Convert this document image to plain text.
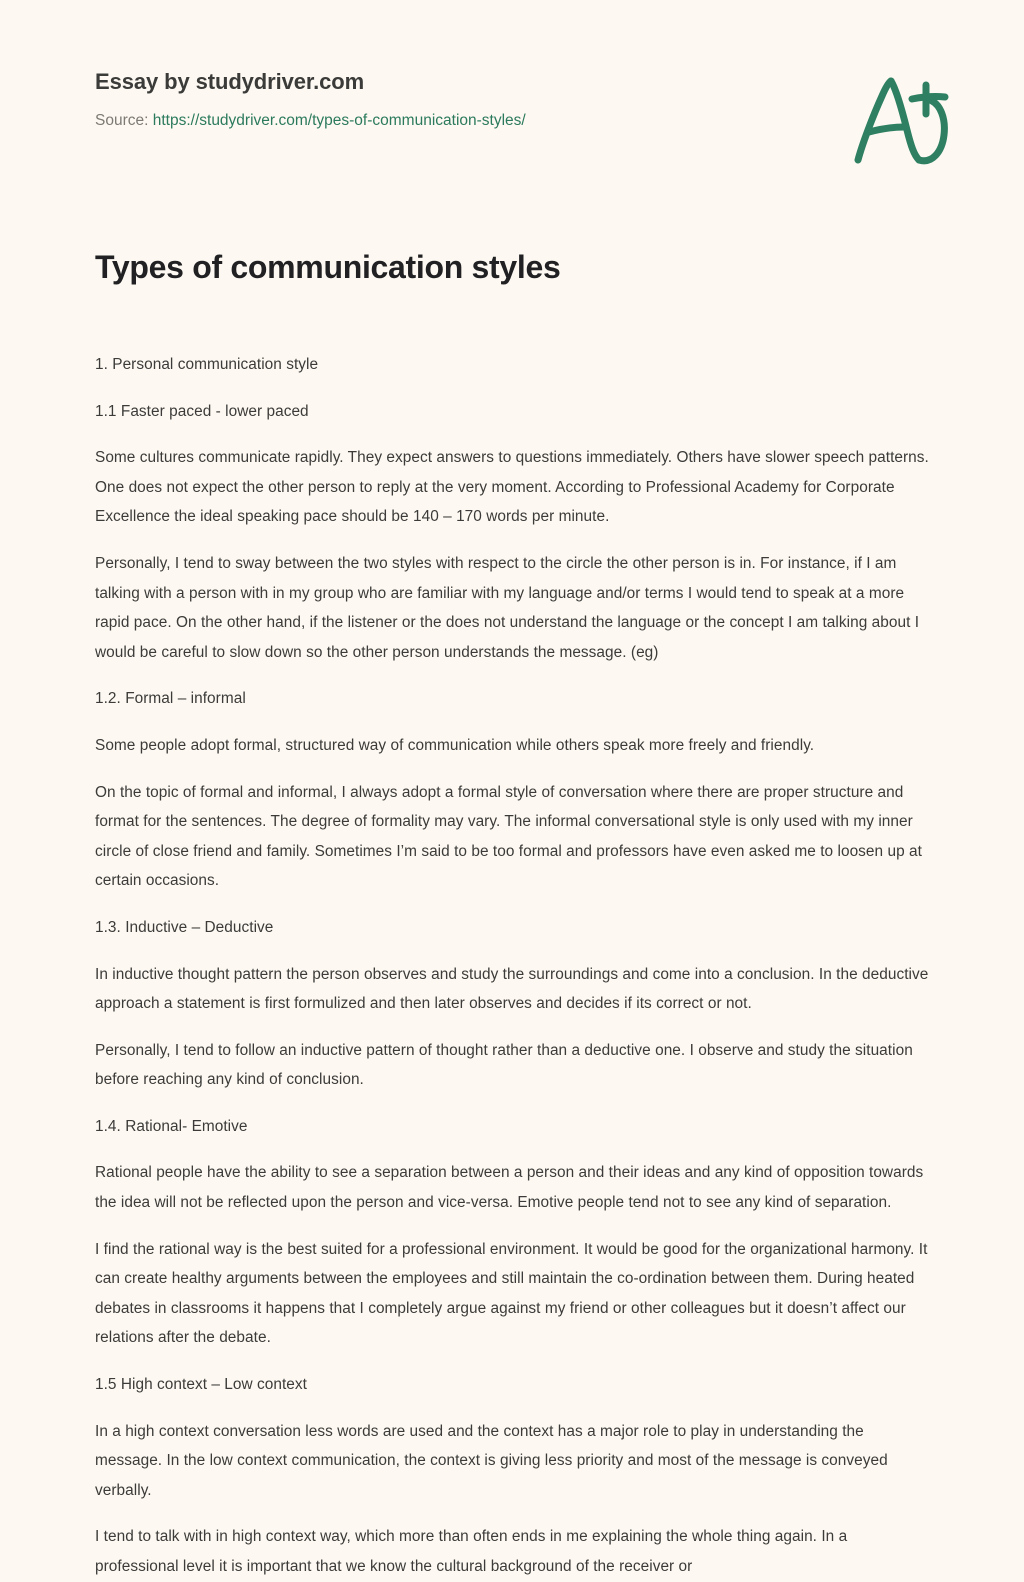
Essay by studydriver.com
Source: https://studydriver.com/types-of-communication-styles/
Types of communication styles

1. Personal communication style

1.1 Faster paced - lower paced

Some cultures communicate rapidly. They expect answers to questions immediately. Others have slower speech patterns. One does not expect the other person to reply at the very moment. According to Professional Academy for Corporate Excellence the ideal speaking pace should be 140 – 170 words per minute.

Personally, I tend to sway between the two styles with respect to the circle the other person is in. For instance, if I am talking with a person with in my group who are familiar with my language and/or terms I would tend to speak at a more rapid pace. On the other hand, if the listener or the does not understand the language or the concept I am talking about I would be careful to slow down so the other person understands the message. (eg)

1.2. Formal – informal

Some people adopt formal, structured way of communication while others speak more freely and friendly.

On the topic of formal and informal, I always adopt a formal style of conversation where there are proper structure and format for the sentences. The degree of formality may vary. The informal conversational style is only used with my inner circle of close friend and family. Sometimes I’m said to be too formal and professors have even asked me to loosen up at certain occasions.

1.3. Inductive – Deductive

In inductive thought pattern the person observes and study the surroundings and come into a conclusion. In the deductive approach a statement is first formulized and then later observes and decides if its correct or not.

Personally, I tend to follow an inductive pattern of thought rather than a deductive one. I observe and study the situation before reaching any kind of conclusion.

1.4. Rational- Emotive

Rational people have the ability to see a separation between a person and their ideas and any kind of opposition towards the idea will not be reflected upon the person and vice-versa. Emotive people tend not to see any kind of separation.

I find the rational way is the best suited for a professional environment. It would be good for the organizational harmony. It can create healthy arguments between the employees and still maintain the co-ordination between them. During heated debates in classrooms it happens that I completely argue against my friend or other colleagues but it doesn’t affect our relations after the debate.

1.5 High context – Low context

In a high context conversation less words are used and the context has a major role to play in understanding the message. In the low context communication, the context is giving less priority and most of the message is conveyed verbally.

I tend to talk with in high context way, which more than often ends in me explaining the whole thing again. In a professional level it is important that we know the cultural background of the receiver or
